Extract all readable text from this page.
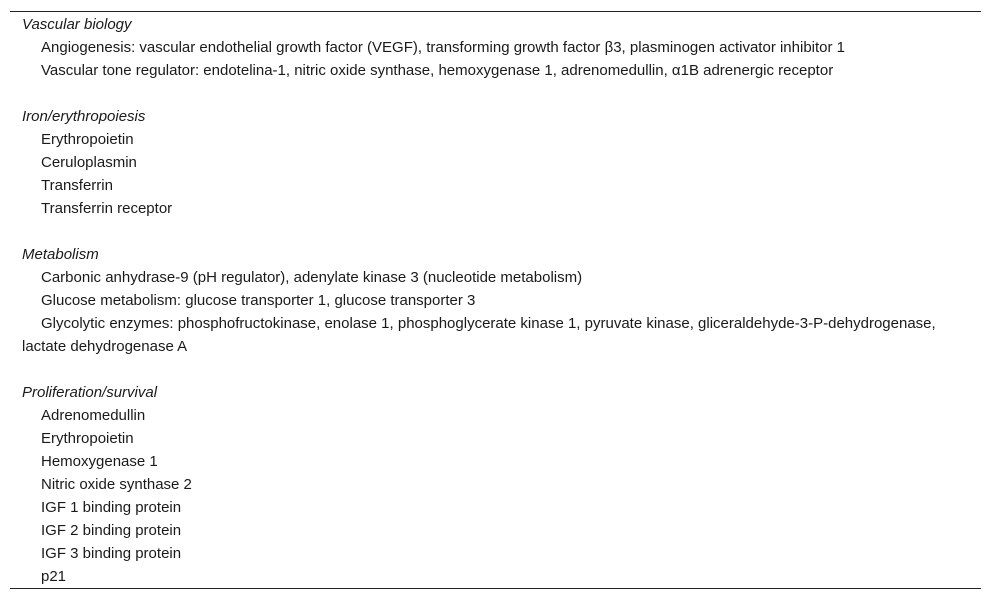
Vascular biology
Angiogenesis: vascular endothelial growth factor (VEGF), transforming growth factor β3, plasminogen activator inhibitor 1
Vascular tone regulator: endotelina-1, nitric oxide synthase, hemoxygenase 1, adrenomedullin, α1B adrenergic receptor
Iron/erythropoiesis
Erythropoietin
Ceruloplasmin
Transferrin
Transferrin receptor
Metabolism
Carbonic anhydrase-9 (pH regulator), adenylate kinase 3 (nucleotide metabolism)
Glucose metabolism: glucose transporter 1, glucose transporter 3
Glycolytic enzymes: phosphofructokinase, enolase 1, phosphoglycerate kinase 1, pyruvate kinase, gliceraldehyde-3-P-dehydrogenase, lactate dehydrogenase A
Proliferation/survival
Adrenomedullin
Erythropoietin
Hemoxygenase 1
Nitric oxide synthase 2
IGF 1 binding protein
IGF 2 binding protein
IGF 3 binding protein
p21
